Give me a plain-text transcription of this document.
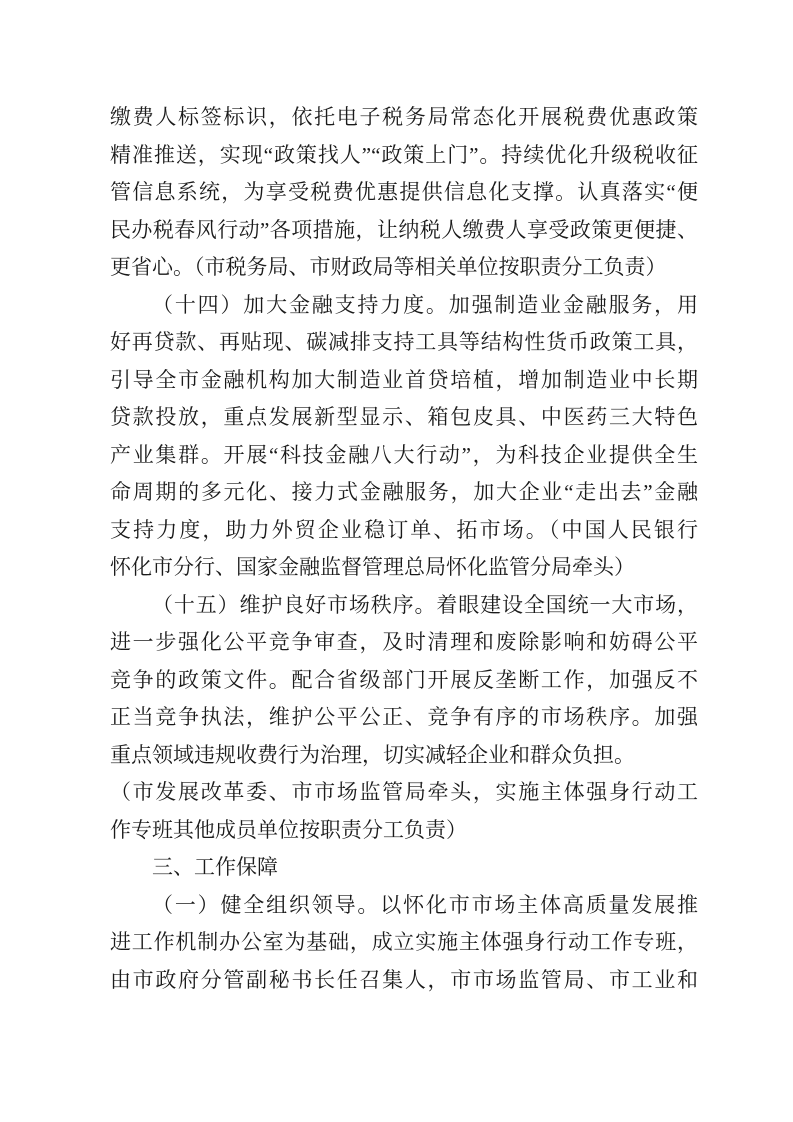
缴费人标签标识，依托电子税务局常态化开展税费优惠政策
精准推送，实现“政策找人”“政策上门”。持续优化升级税收征
管信息系统，为享受税费优惠提供信息化支撑。认真落实“便
民办税春风行动”各项措施，让纳税人缴费人享受政策更便捷、
更省心。（市税务局、市财政局等相关单位按职责分工负责）
（十四）加大金融支持力度。加强制造业金融服务，用
好再贷款、再贴现、碳减排支持工具等结构性货币政策工具，
引导全市金融机构加大制造业首贷培植，增加制造业中长期
贷款投放，重点发展新型显示、箱包皮具、中医药三大特色
产业集群。开展“科技金融八大行动”，为科技企业提供全生
命周期的多元化、接力式金融服务，加大企业“走出去”金融
支持力度，助力外贸企业稳订单、拓市场。（中国人民银行
怀化市分行、国家金融监督管理总局怀化监管分局牵头）
（十五）维护良好市场秩序。着眼建设全国统一大市场，
进一步强化公平竞争审查，及时清理和废除影响和妨碍公平
竞争的政策文件。配合省级部门开展反垄断工作，加强反不
正当竞争执法，维护公平公正、竞争有序的市场秩序。加强
重点领域违规收费行为治理，切实减轻企业和群众负担。
（市发展改革委、市市场监管局牵头，实施主体强身行动工
作专班其他成员单位按职责分工负责）
三、工作保障
（一）健全组织领导。以怀化市市场主体高质量发展推
进工作机制办公室为基础，成立实施主体强身行动工作专班，
由市政府分管副秘书长任召集人，市市场监管局、市工业和
